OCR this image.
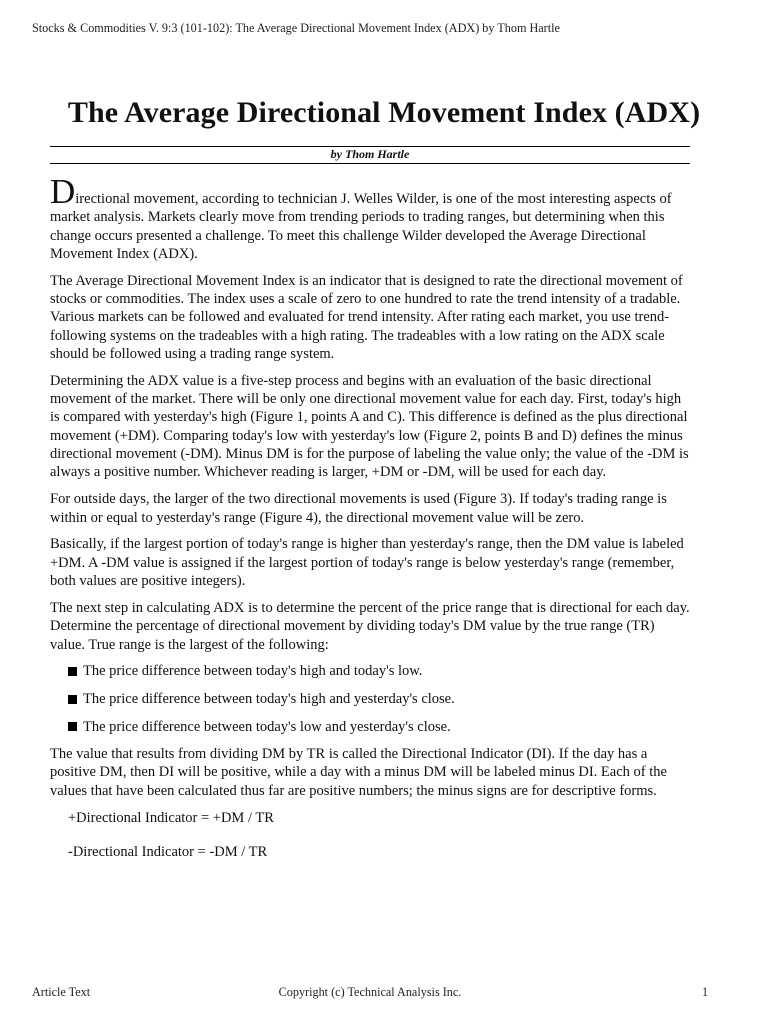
Stocks & Commodities V. 9:3 (101-102): The Average Directional Movement Index (ADX) by Thom Hartle
The Average Directional Movement Index (ADX)
by Thom Hartle

Directional movement, according to technician J. Welles Wilder, is one of the most interesting aspects of market analysis. Markets clearly move from trending periods to trading ranges, but determining when this change occurs presented a challenge. To meet this challenge Wilder developed the Average Directional Movement Index (ADX).

The Average Directional Movement Index is an indicator that is designed to rate the directional movement of stocks or commodities. The index uses a scale of zero to one hundred to rate the trend intensity of a tradable. Various markets can be followed and evaluated for trend intensity. After rating each market, you use trend-following systems on the tradeables with a high rating. The tradeables with a low rating on the ADX scale should be followed using a trading range system.

Determining the ADX value is a five-step process and begins with an evaluation of the basic directional movement of the market. There will be only one directional movement value for each day. First, today's high is compared with yesterday's high (Figure 1, points A and C). This difference is defined as the plus directional movement (+DM). Comparing today's low with yesterday's low (Figure 2, points B and D) defines the minus directional movement (-DM). Minus DM is for the purpose of labeling the value only; the value of the -DM is always a positive number. Whichever reading is larger, +DM or -DM, will be used for each day.

For outside days, the larger of the two directional movements is used (Figure 3). If today's trading range is within or equal to yesterday's range (Figure 4), the directional movement value will be zero.

Basically, if the largest portion of today's range is higher than yesterday's range, then the DM value is labeled +DM. A -DM value is assigned if the largest portion of today's range is below yesterday's range (remember, both values are positive integers).

The next step in calculating ADX is to determine the percent of the price range that is directional for each day. Determine the percentage of directional movement by dividing today's DM value by the true range (TR) value. True range is the largest of the following:

The price difference between today's high and today's low.
The price difference between today's high and yesterday's close.
The price difference between today's low and yesterday's close.

The value that results from dividing DM by TR is called the Directional Indicator (DI). If the day has a positive DM, then DI will be positive, while a day with a minus DM will be labeled minus DI. Each of the values that have been calculated thus far are positive numbers; the minus signs are for descriptive forms.

+Directional Indicator = +DM / TR
-Directional Indicator = -DM / TR
Article Text	Copyright (c) Technical Analysis Inc.	1
